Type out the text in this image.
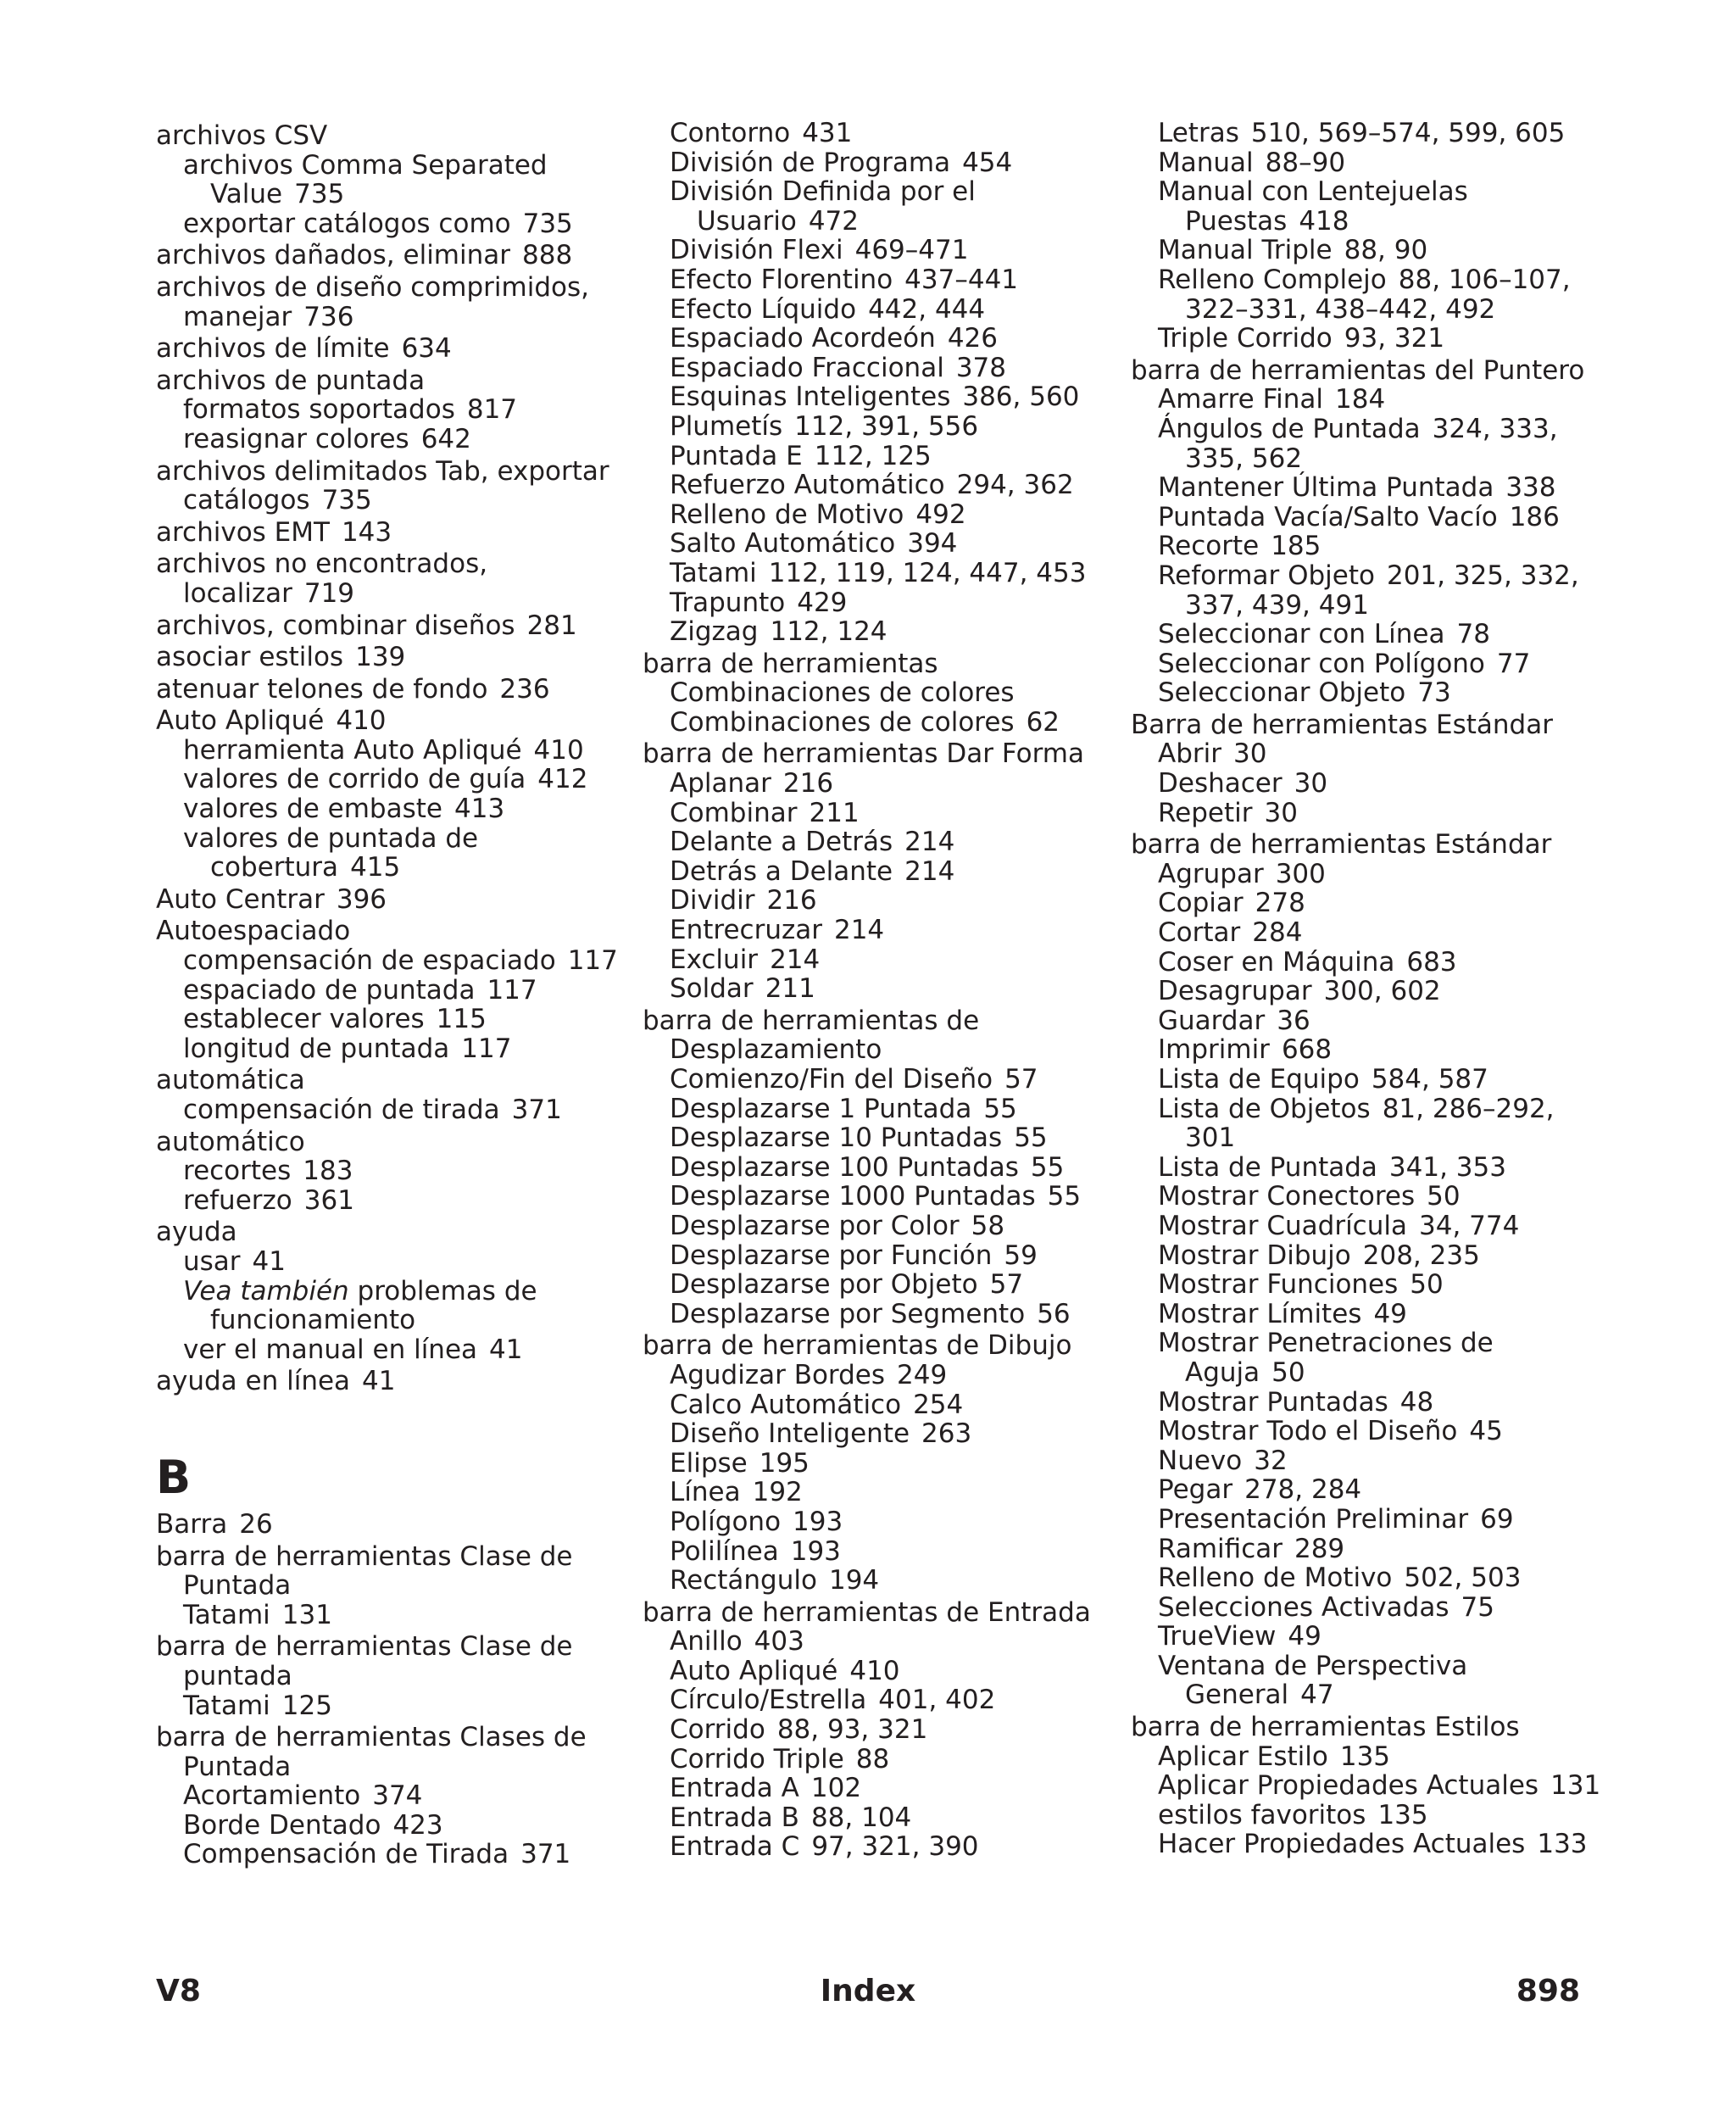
archivos CSV
archivos Comma Separated Value 735
exportar catálogos como 735
archivos dañados, eliminar 888
archivos de diseño comprimidos, manejar 736
archivos de límite 634
archivos de puntada
formatos soportados 817
reasignar colores 642
archivos delimitados Tab, exportar catálogos 735
archivos EMT 143
archivos no encontrados, localizar 719
archivos, combinar diseños 281
asociar estilos 139
atenuar telones de fondo 236
Auto Apliqué 410
herramienta Auto Apliqué 410
valores de corrido de guía 412
valores de embaste 413
valores de puntada de cobertura 415
Auto Centrar 396
Autoespaciado
compensación de espaciado 117
espaciado de puntada 117
establecer valores 115
longitud de puntada 117
automática
compensación de tirada 371
automático
recortes 183
refuerzo 361
ayuda
usar 41
Vea también problemas de funcionamiento
ver el manual en línea 41
ayuda en línea 41
B
Barra 26
barra de herramientas Clase de Puntada
Tatami 131
barra de herramientas Clase de puntada
Tatami 125
barra de herramientas Clases de Puntada
Acortamiento 374
Borde Dentado 423
Compensación de Tirada 371
Contorno 431
División de Programa 454
División Definida por el Usuario 472
División Flexi 469–471
Efecto Florentino 437–441
Efecto Líquido 442, 444
Espaciado Acordeón 426
Espaciado Fraccional 378
Esquinas Inteligentes 386, 560
Plumetís 112, 391, 556
Puntada E 112, 125
Refuerzo Automático 294, 362
Relleno de Motivo 492
Salto Automático 394
Tatami 112, 119, 124, 447, 453
Trapunto 429
Zigzag 112, 124
barra de herramientas
Combinaciones de colores
Combinaciones de colores 62
barra de herramientas Dar Forma
Aplanar 216
Combinar 211
Delante a Detrás 214
Detrás a Delante 214
Dividir 216
Entrecruzar 214
Excluir 214
Soldar 211
barra de herramientas de Desplazamiento
Comienzo/Fin del Diseño 57
Desplazarse 1 Puntada 55
Desplazarse 10 Puntadas 55
Desplazarse 100 Puntadas 55
Desplazarse 1000 Puntadas 55
Desplazarse por Color 58
Desplazarse por Función 59
Desplazarse por Objeto 57
Desplazarse por Segmento 56
barra de herramientas de Dibujo
Agudizar Bordes 249
Calco Automático 254
Diseño Inteligente 263
Elipse 195
Línea 192
Polígono 193
Polilínea 193
Rectángulo 194
barra de herramientas de Entrada
Anillo 403
Auto Apliqué 410
Círculo/Estrella 401, 402
Corrido 88, 93, 321
Corrido Triple 88
Entrada A 102
Entrada B 88, 104
Entrada C 97, 321, 390
Letras 510, 569–574, 599, 605
Manual 88–90
Manual con Lentejuelas Puestas 418
Manual Triple 88, 90
Relleno Complejo 88, 106–107, 322–331, 438–442, 492
Triple Corrido 93, 321
barra de herramientas del Puntero
Amarre Final 184
Ángulos de Puntada 324, 333, 335, 562
Mantener Última Puntada 338
Puntada Vacía/Salto Vacío 186
Recorte 185
Reformar Objeto 201, 325, 332, 337, 439, 491
Seleccionar con Línea 78
Seleccionar con Polígono 77
Seleccionar Objeto 73
Barra de herramientas Estándar
Abrir 30
Deshacer 30
Repetir 30
barra de herramientas Estándar
Agrupar 300
Copiar 278
Cortar 284
Coser en Máquina 683
Desagrupar 300, 602
Guardar 36
Imprimir 668
Lista de Equipo 584, 587
Lista de Objetos 81, 286–292, 301
Lista de Puntada 341, 353
Mostrar Conectores 50
Mostrar Cuadrícula 34, 774
Mostrar Dibujo 208, 235
Mostrar Funciones 50
Mostrar Límites 49
Mostrar Penetraciones de Aguja 50
Mostrar Puntadas 48
Mostrar Todo el Diseño 45
Nuevo 32
Pegar 278, 284
Presentación Preliminar 69
Ramificar 289
Relleno de Motivo 502, 503
Selecciones Activadas 75
TrueView 49
Ventana de Perspectiva General 47
barra de herramientas Estilos
Aplicar Estilo 135
Aplicar Propiedades Actuales 131
estilos favoritos 135
Hacer Propiedades Actuales 133
V8	Index	898
